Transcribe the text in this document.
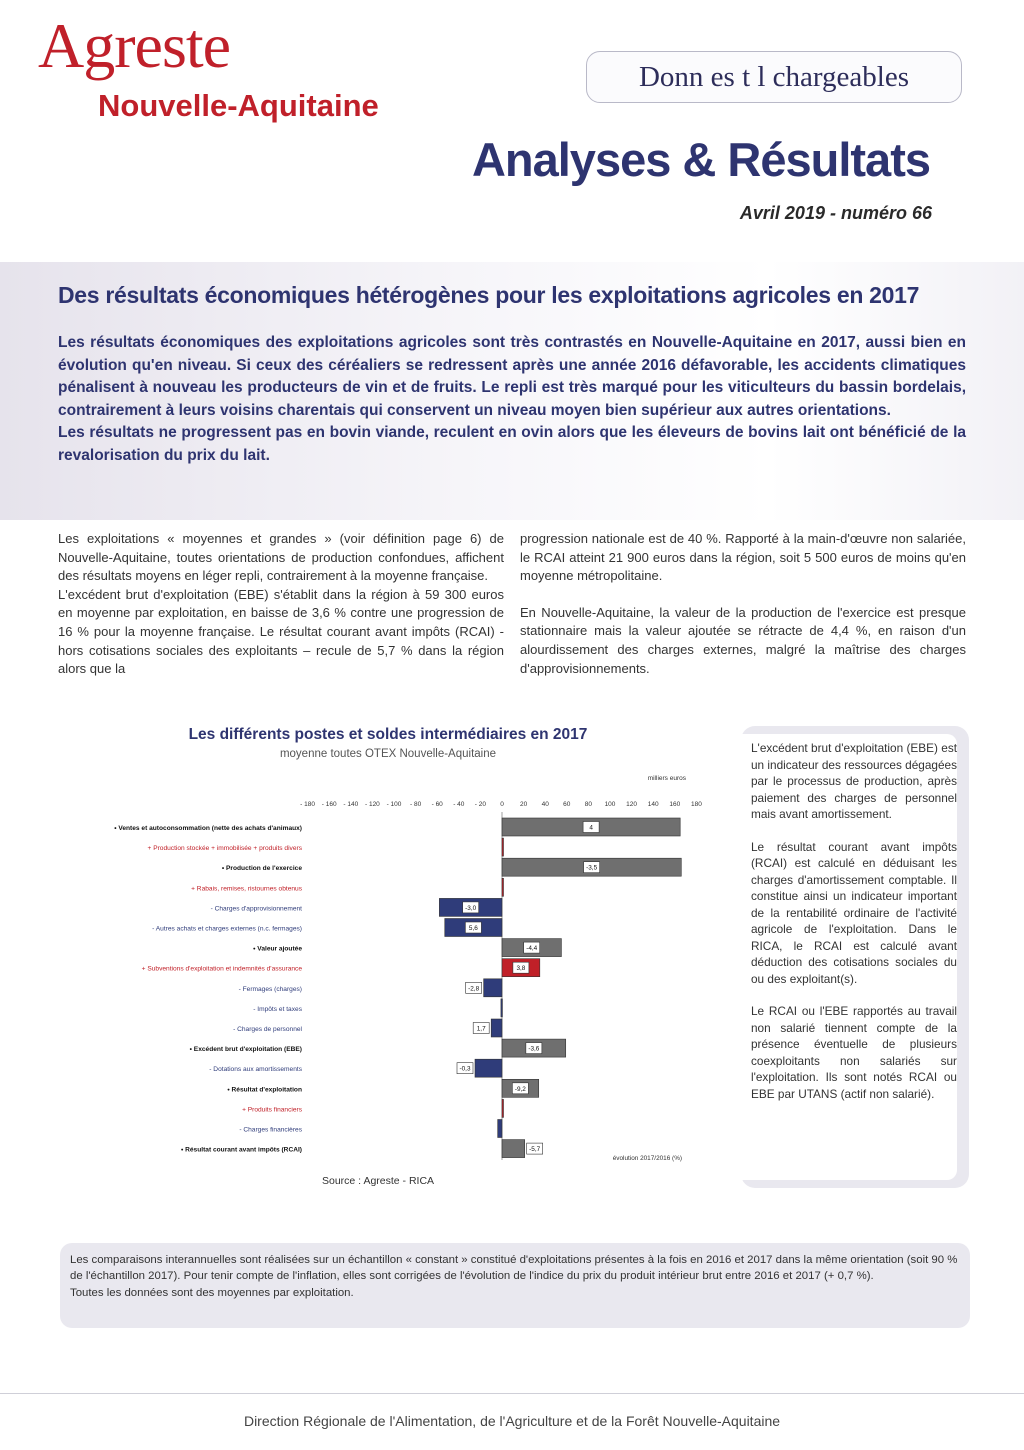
Agreste
Nouvelle-Aquitaine
Donn es t l chargeables
Analyses & Résultats
Avril 2019 - numéro 66
Des résultats économiques hétérogènes pour les exploitations agricoles en 2017

Les résultats économiques des exploitations agricoles sont très contrastés en Nouvelle-Aquitaine en 2017, aussi bien en évolution qu'en niveau. Si ceux des céréaliers se redressent après une année 2016 défavorable, les accidents climatiques pénalisent à nouveau les producteurs de vin et de fruits. Le repli est très marqué pour les viticulteurs du bassin bordelais, contrairement à leurs voisins charentais qui conservent un niveau moyen bien supérieur aux autres orientations.

Les résultats ne progressent pas en bovin viande, reculent en ovin alors que les éleveurs de bovins lait ont bénéficié de la revalorisation du prix du lait.

Les exploitations « moyennes et grandes » (voir définition page 6) de Nouvelle-Aquitaine, toutes orientations de production confondues, affichent des résultats moyens en léger repli, contrairement à la moyenne française.

L'excédent brut d'exploitation (EBE) s'établit dans la région à 59 300 euros en moyenne par exploitation, en baisse de 3,6 % contre une progression de 16 % pour la moyenne française. Le résultat courant avant impôts (RCAI) - hors cotisations sociales des exploitants – recule de 5,7 % dans la région alors que la

progression nationale est de 40 %. Rapporté à la main-d'œuvre non salariée, le RCAI atteint 21 900 euros dans la région, soit 5 500 euros de moins qu'en moyenne métropolitaine.

En Nouvelle-Aquitaine, la valeur de la production de l'exercice est presque stationnaire mais la valeur ajoutée se rétracte de 4,4 %, en raison d'un alourdissement des charges externes, malgré la maîtrise des charges d'approvisionnements.

Les différents postes et soldes intermédiaires en 2017
moyenne toutes OTEX Nouvelle-Aquitaine
milliers euros
- 180 - 160 - 140 - 120 - 100 - 80 - 60 - 40 - 20 0 20 40 60 80 100 120 140 160 180
• Ventes et autoconsommation (nette des achats d'animaux)	4
+ Production stockée + immobilisée + produits divers
• Production de l'exercice	-3,5
+ Rabais, remises, ristournes obtenus
- Charges d'approvisionnement	-3,0
- Autres achats et charges externes (n.c. fermages)	5,6
• Valeur ajoutée	-4,4
+ Subventions d'exploitation et indemnités d'assurance	3,8
- Fermages (charges)	-2,8
- Impôts et taxes
- Charges de personnel	1,7
• Excédent brut d'exploitation (EBE)	-3,6
- Dotations aux amortissements	-0,3
• Résultat d'exploitation	-9,2
+ Produits financiers
- Charges financières
• Résultat courant avant impôts (RCAI)	-5,7
évolution 2017/2016 (%)
Source : Agreste - RICA

L'excédent brut d'exploitation (EBE) est un indicateur des ressources dégagées par le processus de production, après paiement des charges de personnel mais avant amortissement.

Le résultat courant avant impôts (RCAI) est calculé en déduisant les charges d'amortissement comptable. Il constitue ainsi un indicateur important de la rentabilité ordinaire de l'activité agricole de l'exploitation. Dans le RICA, le RCAI est calculé avant déduction des cotisations sociales du ou des exploitant(s).

Le RCAI ou l'EBE rapportés au travail non salarié tiennent compte de la présence éventuelle de plusieurs coexploitants non salariés sur l'exploitation. Ils sont notés RCAI ou EBE par UTANS (actif non salarié).

Les comparaisons interannuelles sont réalisées sur un échantillon « constant » constitué d'exploitations présentes à la fois en 2016 et 2017 dans la même orientation (soit 90 % de l'échantillon 2017). Pour tenir compte de l'inflation, elles sont corrigées de l'évolution de l'indice du prix du produit intérieur brut entre 2016 et 2017 (+ 0,7 %).

Toutes les données sont des moyennes par exploitation.

Direction Régionale de l'Alimentation, de l'Agriculture et de la Forêt Nouvelle-Aquitaine
